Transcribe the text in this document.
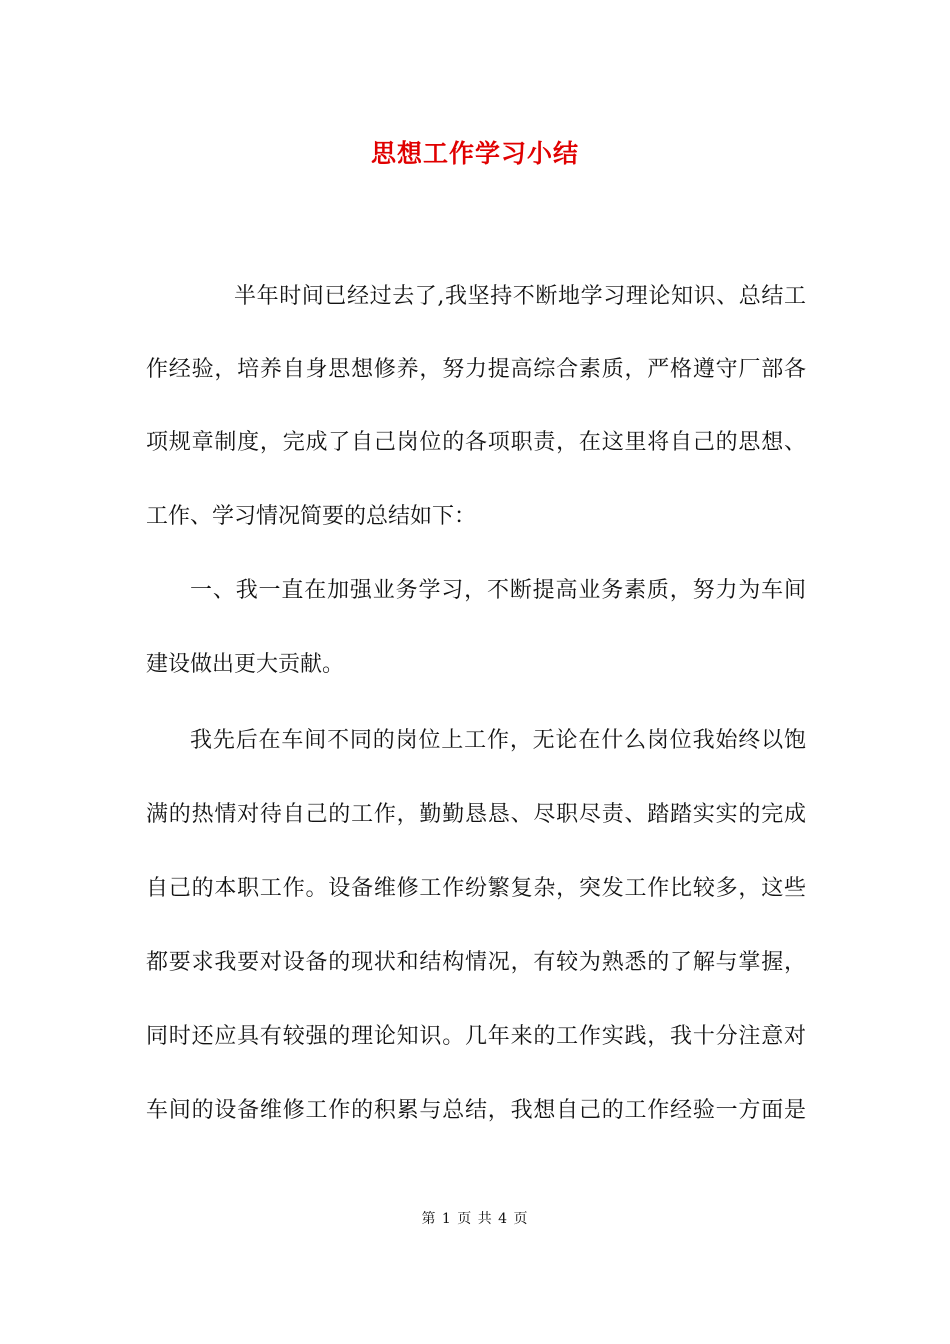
思想工作学习小结
半年时间已经过去了,我坚持不断地学习理论知识、总结工
作经验，培养自身思想修养，努力提高综合素质，严格遵守厂部各
项规章制度，完成了自己岗位的各项职责，在这里将自己的思想、
工作、学习情况简要的总结如下：
一、我一直在加强业务学习，不断提高业务素质，努力为车间
建设做出更大贡献。
我先后在车间不同的岗位上工作，无论在什么岗位我始终以饱
满的热情对待自己的工作，勤勤恳恳、尽职尽责、踏踏实实的完成
自己的本职工作。设备维修工作纷繁复杂，突发工作比较多，这些
都要求我要对设备的现状和结构情况，有较为熟悉的了解与掌握，
同时还应具有较强的理论知识。几年来的工作实践，我十分注意对
车间的设备维修工作的积累与总结，我想自己的工作经验一方面是
第 1 页 共 4 页
